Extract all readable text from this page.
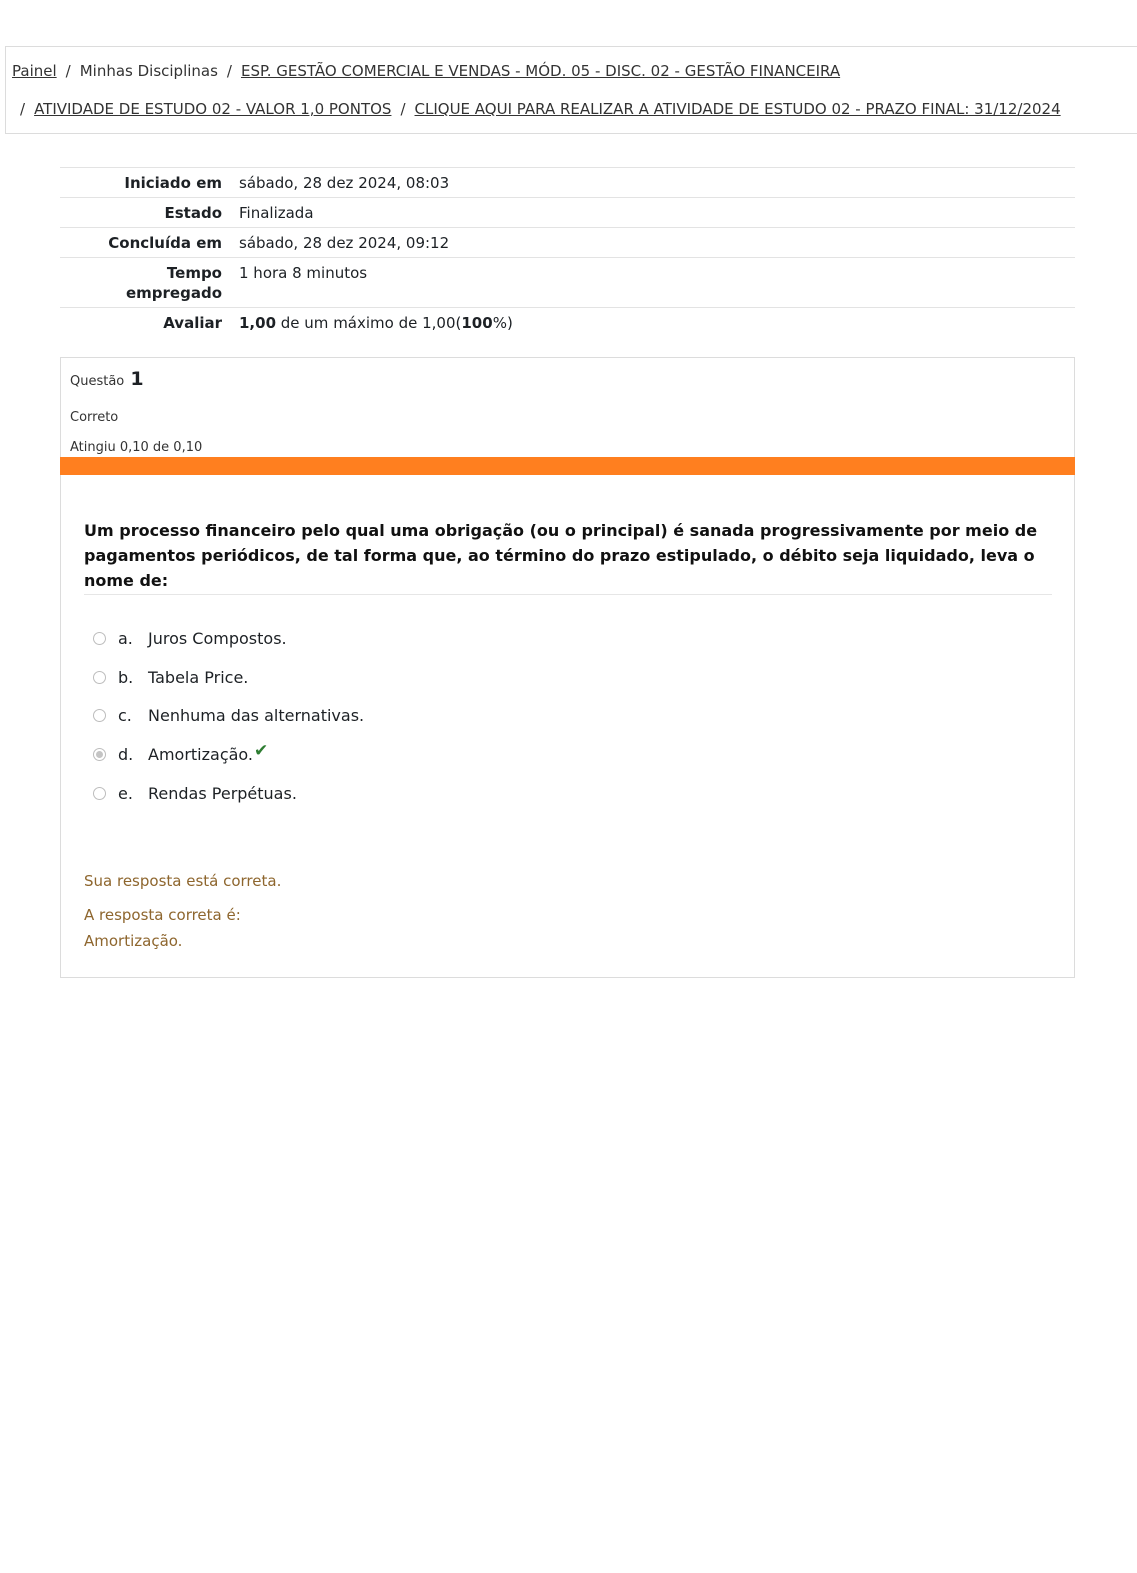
Painel / Minhas Disciplinas / ESP. GESTÃO COMERCIAL E VENDAS - MÓD. 05 - DISC. 02 - GESTÃO FINANCEIRA
/ ATIVIDADE DE ESTUDO 02 - VALOR 1,0 PONTOS / CLIQUE AQUI PARA REALIZAR A ATIVIDADE DE ESTUDO 02 - PRAZO FINAL: 31/12/2024
Iniciado em	sábado, 28 dez 2024, 08:03
Estado	Finalizada
Concluída em	sábado, 28 dez 2024, 09:12
Tempo
empregado	1 hora 8 minutos
Avaliar	1,00 de um máximo de 1,00(100%)
Questão 1
Correto
Atingiu 0,10 de 0,10
Um processo financeiro pelo qual uma obrigação (ou o principal) é sanada progressivamente por meio de pagamentos periódicos, de tal forma que, ao término do prazo estipulado, o débito seja liquidado, leva o nome de:
a. Juros Compostos.
b. Tabela Price.
c.	Nenhuma das alternativas.
d. Amortização. ✔
e. Rendas Perpétuas.
Sua resposta está correta.
A resposta correta é:
Amortização.
